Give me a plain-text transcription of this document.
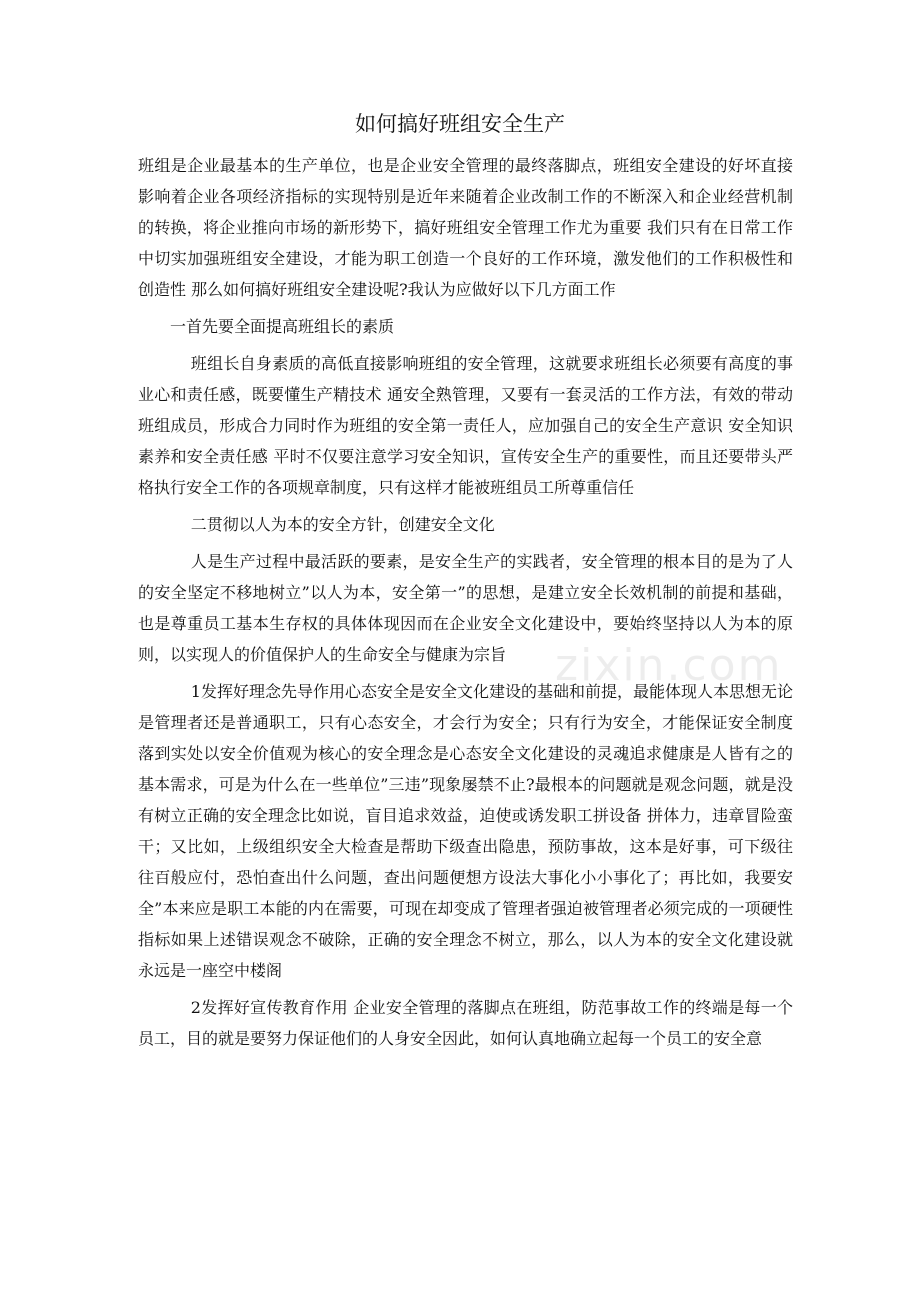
zixin.com
如何搞好班组安全生产

班组是企业最基本的生产单位，也是企业安全管理的最终落脚点，班组安全建设的好坏直接影响着企业各项经济指标的实现特别是近年来随着企业改制工作的不断深入和企业经营机制的转换，将企业推向市场的新形势下，搞好班组安全管理工作尤为重要 我们只有在日常工作中切实加强班组安全建设，才能为职工创造一个良好的工作环境，激发他们的工作积极性和创造性 那么如何搞好班组安全建设呢?我认为应做好以下几方面工作

一首先要全面提高班组长的素质

班组长自身素质的高低直接影响班组的安全管理，这就要求班组长必须要有高度的事业心和责任感，既要懂生产精技术 通安全熟管理，又要有一套灵活的工作方法，有效的带动班组成员，形成合力同时作为班组的安全第一责任人，应加强自己的安全生产意识 安全知识素养和安全责任感 平时不仅要注意学习安全知识，宣传安全生产的重要性，而且还要带头严格执行安全工作的各项规章制度，只有这样才能被班组员工所尊重信任

二贯彻以人为本的安全方针，创建安全文化

人是生产过程中最活跃的要素，是安全生产的实践者，安全管理的根本目的是为了人的安全坚定不移地树立”以人为本，安全第一”的思想，是建立安全长效机制的前提和基础，也是尊重员工基本生存权的具体体现因而在企业安全文化建设中，要始终坚持以人为本的原则，以实现人的价值保护人的生命安全与健康为宗旨

1发挥好理念先导作用心态安全是安全文化建设的基础和前提，最能体现人本思想无论是管理者还是普通职工，只有心态安全，才会行为安全；只有行为安全，才能保证安全制度落到实处以安全价值观为核心的安全理念是心态安全文化建设的灵魂追求健康是人皆有之的基本需求，可是为什么在一些单位”三违”现象屡禁不止?最根本的问题就是观念问题，就是没有树立正确的安全理念比如说，盲目追求效益，迫使或诱发职工拼设备 拼体力，违章冒险蛮干；又比如，上级组织安全大检查是帮助下级查出隐患，预防事故，这本是好事，可下级往往百般应付，恐怕查出什么问题，查出问题便想方设法大事化小小事化了；再比如，我要安全”本来应是职工本能的内在需要，可现在却变成了管理者强迫被管理者必须完成的一项硬性指标如果上述错误观念不破除，正确的安全理念不树立，那么，以人为本的安全文化建设就永远是一座空中楼阁

2发挥好宣传教育作用 企业安全管理的落脚点在班组，防范事故工作的终端是每一个员工，目的就是要努力保证他们的人身安全因此，如何认真地确立起每一个员工的安全意
